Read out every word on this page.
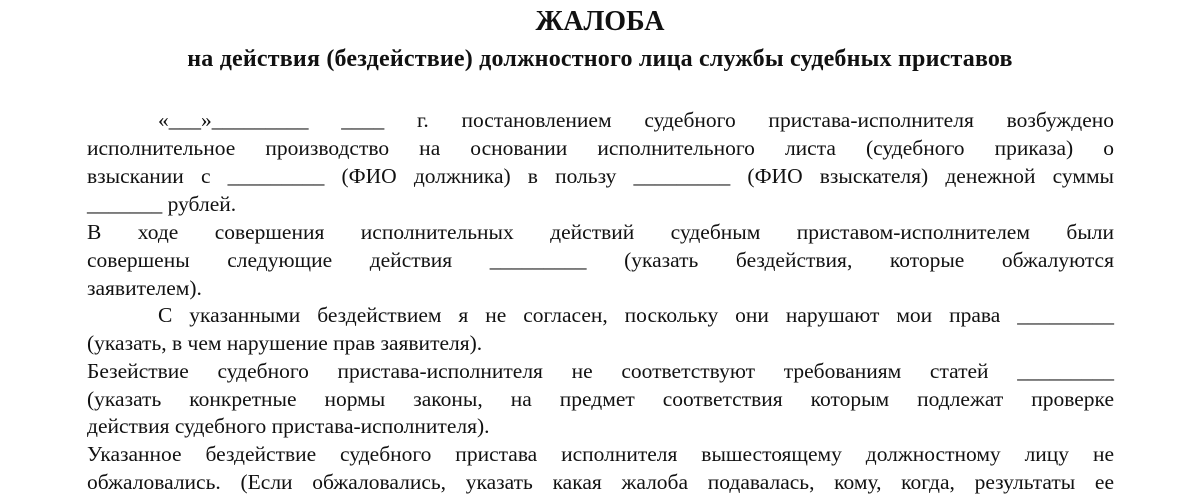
ЖАЛОБА
на действия (бездействие) должностного лица службы судебных приставов

«___»_________ ____ г. постановлением судебного пристава-исполнителя возбуждено

исполнительное производство на основании исполнительного листа (судебного приказа) о

взыскании с _________ (ФИО должника) в пользу _________ (ФИО взыскателя) денежной суммы

_______ рублей.

В ходе совершения исполнительных действий судебным приставом-исполнителем были

совершены следующие действия _________ (указать бездействия, которые обжалуются

заявителем).

С указанными бездействием я не согласен, поскольку они нарушают мои права _________

(указать, в чем нарушение прав заявителя).

Безействие судебного пристава-исполнителя не соответствуют требованиям статей _________

(указать конкретные нормы законы, на предмет соответствия которым подлежат проверке

действия судебного пристава-исполнителя).

Указанное бездействие судебного пристава исполнителя вышестоящему должностному лицу не

обжаловались. (Если обжаловались, указать какая жалоба подавалась, кому, когда, результаты ее
